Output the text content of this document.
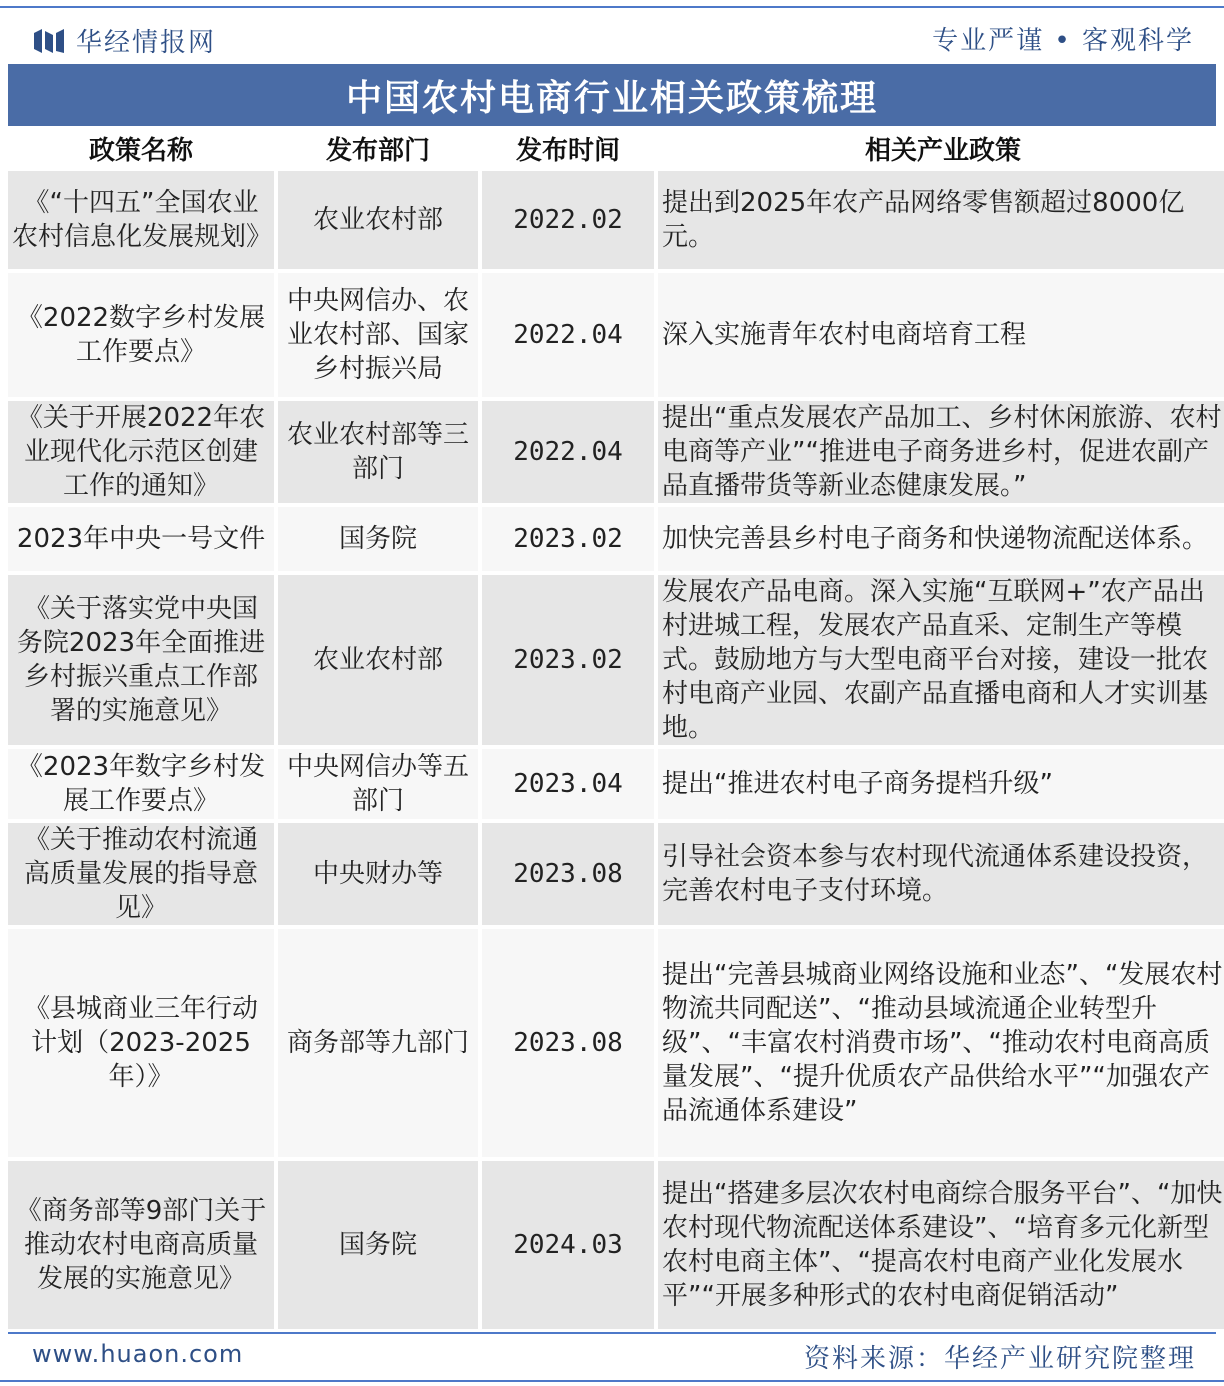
华经情报网	专业严谨 • 客观科学
中国农村电商行业相关政策梳理
政策名称	发布部门	发布时间	相关产业政策
《“十四五”全国农业农村信息化发展规划》	农业农村部	2022.02	提出到2025年农产品网络零售额超过8000亿元。
《2022数字乡村发展工作要点》	中央网信办、农业农村部、国家乡村振兴局	2022.04	深入实施青年农村电商培育工程
《关于开展2022年农业现代化示范区创建工作的通知》	农业农村部等三部门	2022.04	提出“重点发展农产品加工、乡村休闲旅游、农村电商等产业”“推进电子商务进乡村，促进农副产品直播带货等新业态健康发展。”
2023年中央一号文件	国务院	2023.02	加快完善县乡村电子商务和快递物流配送体系。
《关于落实党中央国务院2023年全面推进乡村振兴重点工作部署的实施意见》	农业农村部	2023.02	发展农产品电商。深入实施“互联网+”农产品出村进城工程，发展农产品直采、定制生产等模式。鼓励地方与大型电商平台对接，建设一批农村电商产业园、农副产品直播电商和人才实训基地。
《2023年数字乡村发展工作要点》	中央网信办等五部门	2023.04	提出“推进农村电子商务提档升级”
《关于推动农村流通高质量发展的指导意见》	中央财办等	2023.08	引导社会资本参与农村现代流通体系建设投资，完善农村电子支付环境。
《县城商业三年行动计划（2023-2025年）》	商务部等九部门	2023.08	提出“完善县城商业网络设施和业态”、“发展农村物流共同配送”、“推动县域流通企业转型升级”、“丰富农村消费市场”、“推动农村电商高质量发展”、“提升优质农产品供给水平”“加强农产品流通体系建设”
《商务部等9部门关于推动农村电商高质量发展的实施意见》	国务院	2024.03	提出“搭建多层次农村电商综合服务平台”、“加快农村现代物流配送体系建设”、“培育多元化新型农村电商主体”、“提高农村电商产业化发展水平”“开展多种形式的农村电商促销活动”
www.huaon.com	资料来源：华经产业研究院整理
